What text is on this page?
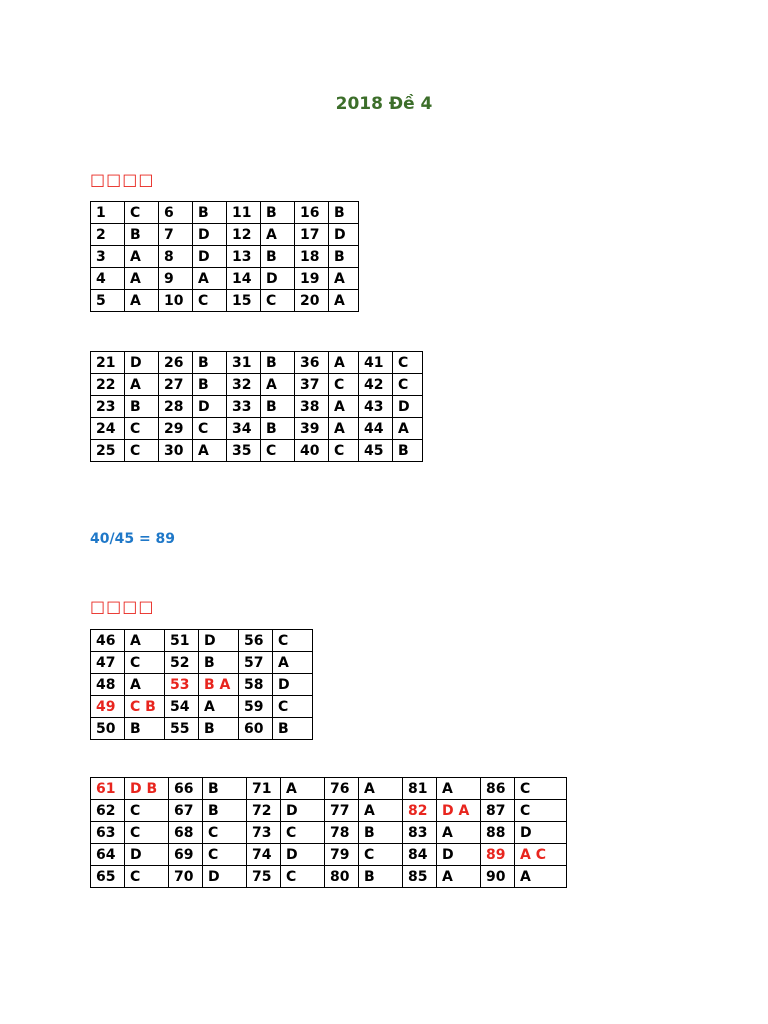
2018 Đề 4
□□□□
1	C	6	B	11	B	16	B
2	B	7	D	12	A	17	D
3	A	8	D	13	B	18	B
4	A	9	A	14	D	19	A
5	A	10	C	15	C	20	A
21	D	26	B	31	B	36	A	41	C
22	A	27	B	32	A	37	C	42	C
23	B	28	D	33	B	38	A	43	D
24	C	29	C	34	B	39	A	44	A
25	C	30	A	35	C	40	C	45	B
40/45 = 89
□□□□
46	A	51	D	56	C
47	C	52	B	57	A
48	A	53	B A	58	D
49	C B	54	A	59	C
50	B	55	B	60	B
61	D B	66	B	71	A	76	A	81	A	86	C
62	C	67	B	72	D	77	A	82	D A	87	C
63	C	68	C	73	C	78	B	83	A	88	D
64	D	69	C	74	D	79	C	84	D	89	A C
65	C	70	D	75	C	80	B	85	A	90	A
